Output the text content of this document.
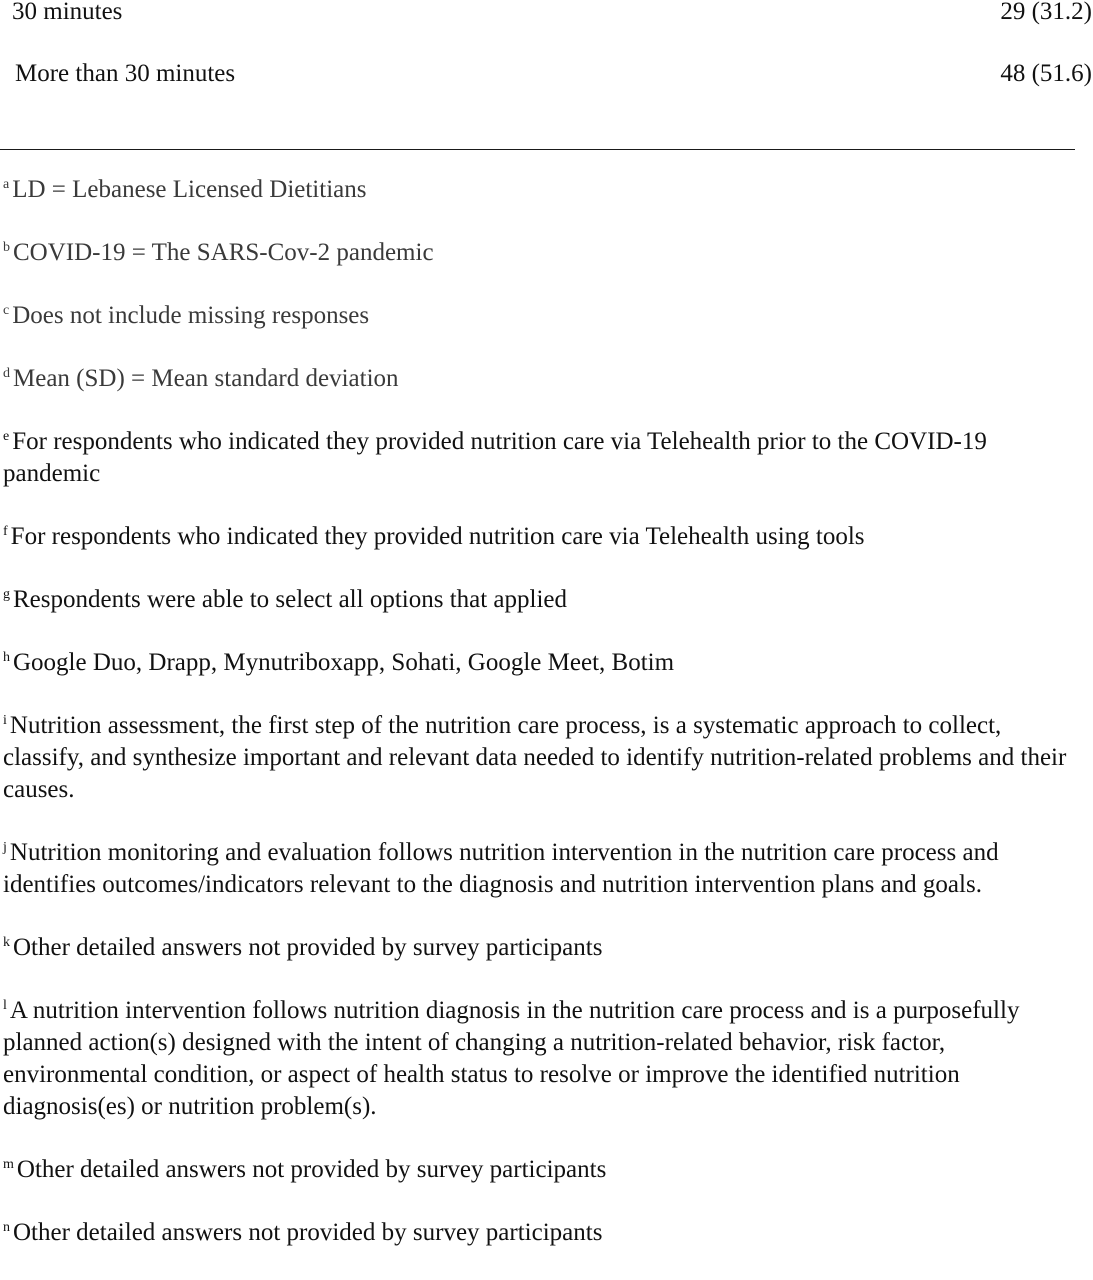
30 minutes	29 (31.2)
More than 30 minutes	48 (51.6)

$^a$ LD = Lebanese Licensed Dietitians

$^b$ COVID-19 = The SARS-Cov-2 pandemic

$^c$ Does not include missing responses

$^d$ Mean (SD) = Mean standard deviation

$^e$ For respondents who indicated they provided nutrition care via Telehealth prior to the COVID-19 pandemic

$^f$ For respondents who indicated they provided nutrition care via Telehealth using tools

$^g$ Respondents were able to select all options that applied

$^h$ Google Duo, Drapp, Mynutriboxapp, Sohati, Google Meet, Botim

$^i$ Nutrition assessment, the first step of the nutrition care process, is a systematic approach to collect, classify, and synthesize important and relevant data needed to identify nutrition-related problems and their causes.

$^j$ Nutrition monitoring and evaluation follows nutrition intervention in the nutrition care process and identifies outcomes/indicators relevant to the diagnosis and nutrition intervention plans and goals.

$^k$ Other detailed answers not provided by survey participants

$^l$ A nutrition intervention follows nutrition diagnosis in the nutrition care process and is a purposefully planned action(s) designed with the intent of changing a nutrition-related behavior, risk factor, environmental condition, or aspect of health status to resolve or improve the identified nutrition diagnosis(es) or nutrition problem(s).

$^m$ Other detailed answers not provided by survey participants

$^n$ Other detailed answers not provided by survey participants
